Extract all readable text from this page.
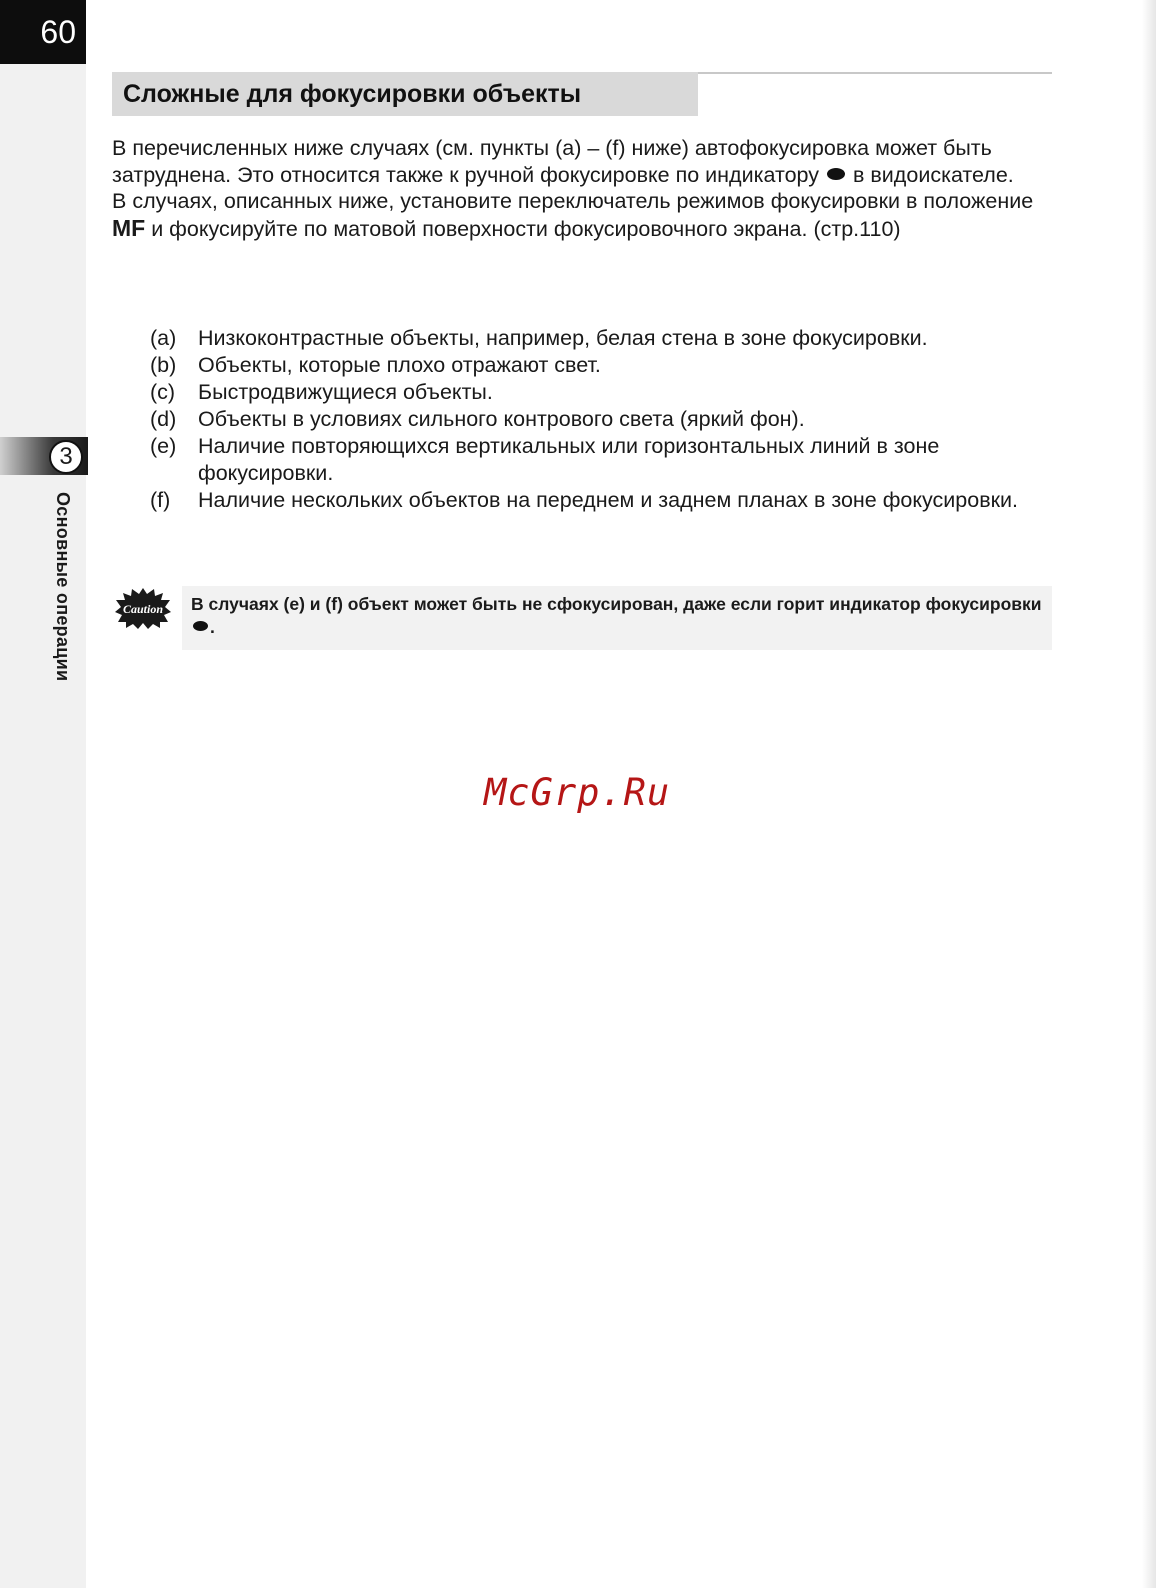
60
3
Основные операции
Сложные для фокусировки объекты

В перечисленных ниже случаях (см. пункты (a) – (f) ниже) автофокусировка может быть затруднена. Это относится также к ручной фокусировке по индикатору в видоискателе.

В случаях, описанных ниже, установите переключатель режимов фокусировки в положение MF и фокусируйте по матовой поверхности фокусировочного экрана. (стр.110)

(a)	Низкоконтрастные объекты, например, белая стена в зоне фокусировки.
(b)	Объекты, которые плохо отражают свет.
(c)	Быстродвижущиеся объекты.
(d)	Объекты в условиях сильного контрового света (яркий фон).
(e)	Наличие повторяющихся вертикальных или горизонтальных линий в зоне фокусировки.
(f)	Наличие нескольких объектов на переднем и заднем планах в зоне фокусировки.
Caution В случаях (e) и (f) объект может быть не сфокусирован, даже если горит индикатор фокусировки .
McGrp.Ru
